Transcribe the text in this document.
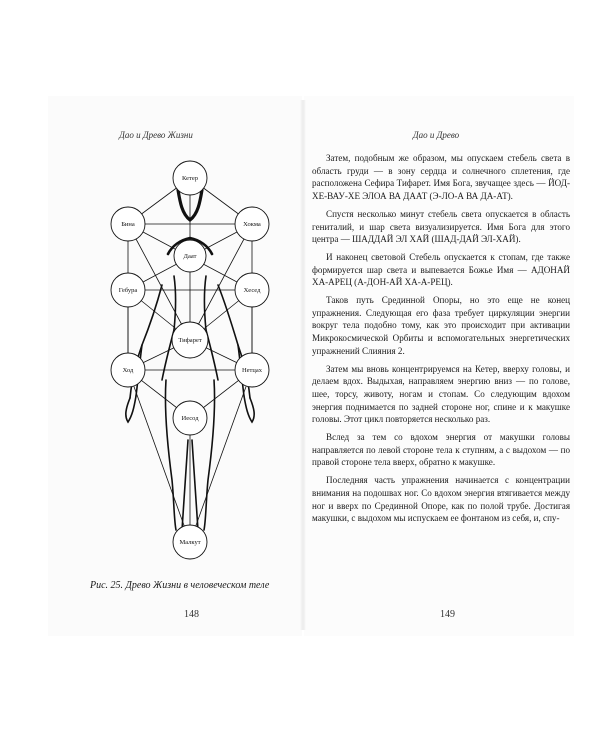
Дао и Древо Жизни	Дао и Древо
Кетер
Бина	Хокма
Даат
Гебура	Хесед
Тифарет
Ход	Нетцах
Иесод
Малкут
Рис. 25. Древо Жизни в человеческом теле
148	149

Затем, подобным же образом, мы опускаем стебель света в область груди — в зону сердца и солнечного сплетения, где расположена Сефира Тифарет. Имя Бога, звучащее здесь — ЙОД-ХЕ-ВАУ-ХЕ ЭЛОА ВА ДААТ (Э-ЛО-А ВА ДА-АТ).

Спустя несколько минут стебель света опускается в область гениталий, и шар света визуализируется. Имя Бога для этого центра — ШАДДАЙ ЭЛ ХАЙ (ШАД-ДАЙ ЭЛ-ХАЙ).

И наконец световой Стебель опускается к стопам, где также формируется шар света и выпевается Божье Имя — АДОНАЙ ХА-АРЕЦ (А-ДОН-АЙ ХА-А-РЕЦ).

Таков путь Срединной Опоры, но это еще не конец упражнения. Следующая его фаза требует циркуляции энергии вокруг тела подобно тому, как это происходит при активации Микрокосмической Орбиты и вспомогательных энергетических упражнений Слияния 2.

Затем мы вновь концентрируемся на Кетер, вверху головы, и делаем вдох. Выдыхая, направляем энергию вниз — по голове, шее, торсу, животу, ногам и стопам. Со следующим вдохом энергия поднимается по задней стороне ног, спине и к макушке головы. Этот цикл повторяется несколько раз.

Вслед за тем со вдохом энергия от макушки головы направляется по левой стороне тела к ступням, а с выдохом — по правой стороне тела вверх, обратно к макушке.

Последняя часть упражнения начинается с концентрации внимания на подошвах ног. Со вдохом энергия втягивается между ног и вверх по Срединной Опоре, как по полой трубе. Достигая макушки, с выдохом мы испускаем ее фонтаном из себя, и, спу-
